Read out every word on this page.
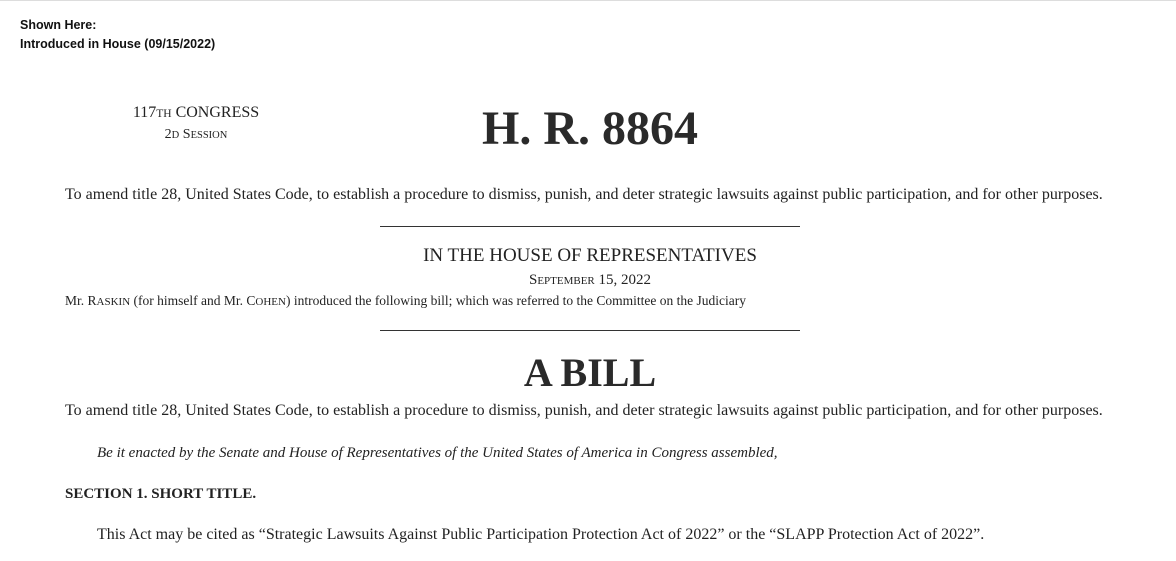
Shown Here:
Introduced in House (09/15/2022)
117TH CONGRESS
2D SESSION	H. R. 8864
To amend title 28, United States Code, to establish a procedure to dismiss, punish, and deter strategic lawsuits against public participation, and for other purposes.
IN THE HOUSE OF REPRESENTATIVES
SEPTEMBER 15, 2022
Mr. RASKIN (for himself and Mr. COHEN) introduced the following bill; which was referred to the Committee on the Judiciary
A BILL
To amend title 28, United States Code, to establish a procedure to dismiss, punish, and deter strategic lawsuits against public participation, and for other purposes.
Be it enacted by the Senate and House of Representatives of the United States of America in Congress assembled,
SECTION 1. SHORT TITLE.
This Act may be cited as “Strategic Lawsuits Against Public Participation Protection Act of 2022” or the “SLAPP Protection Act of 2022”.
